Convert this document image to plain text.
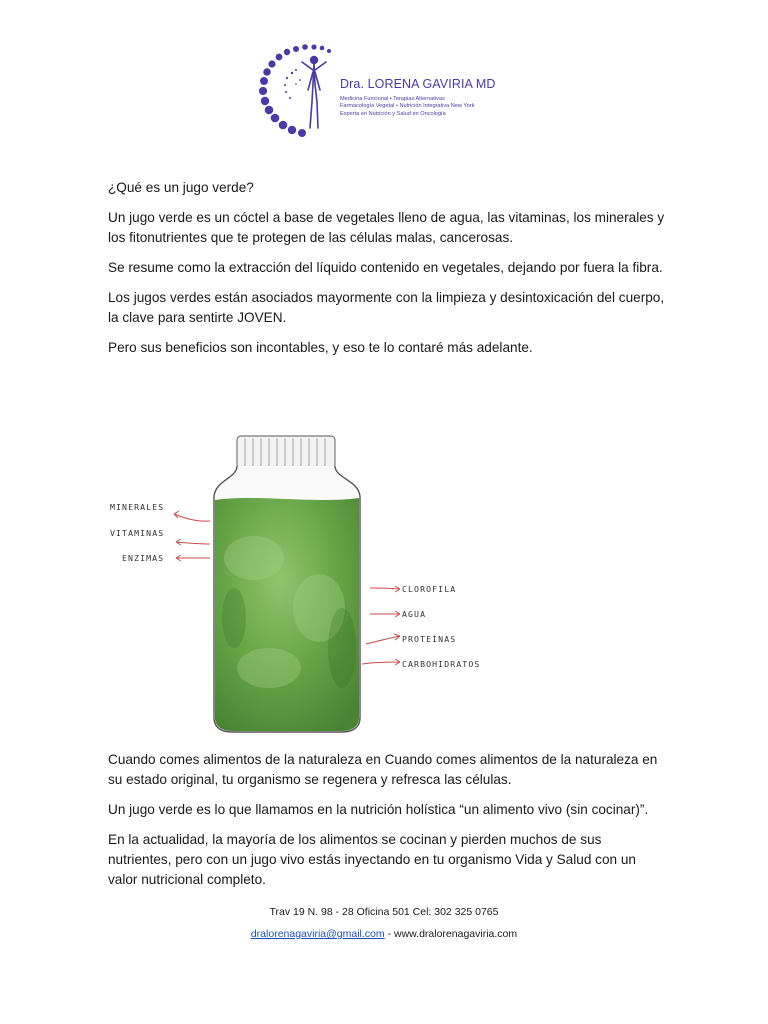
Dra. LORENA GAVIRIA MD
Medicina Funcional • Terapias Alternativas
Farmacología Vegetal • Nutrición Integrativa New York
Experta en Nutrición y Salud en Oncología

¿Qué es un jugo verde?

Un jugo verde es un cóctel a base de vegetales lleno de agua, las vitaminas, los minerales y los fitonutrientes que te protegen de las células malas, cancerosas.

Se resume como la extracción del líquido contenido en vegetales, dejando por fuera la fibra.

Los jugos verdes están asociados mayormente con la limpieza y desintoxicación del cuerpo, la clave para sentirte JOVEN.

Pero sus beneficios son incontables, y eso te lo contaré más adelante.

MINERALES
VITAMINAS
ENZIMAS
CLOROFILA
AGUA
PROTEÍNAS
CARBOHIDRATOS

Cuando comes alimentos de la naturaleza en Cuando comes alimentos de la naturaleza en su estado original, tu organismo se regenera y refresca las células.

Un jugo verde es lo que llamamos en la nutrición holística “un alimento vivo (sin cocinar)”.

En la actualidad, la mayoría de los alimentos se cocinan y pierden muchos de sus nutrientes, pero con un jugo vivo estás inyectando en tu organismo Vida y Salud con un valor nutricional completo.

Trav 19 N. 98 - 28 Oficina 501 Cel: 302 325 0765
dralorenagaviria@gmail.com - www.dralorenagaviria.com
